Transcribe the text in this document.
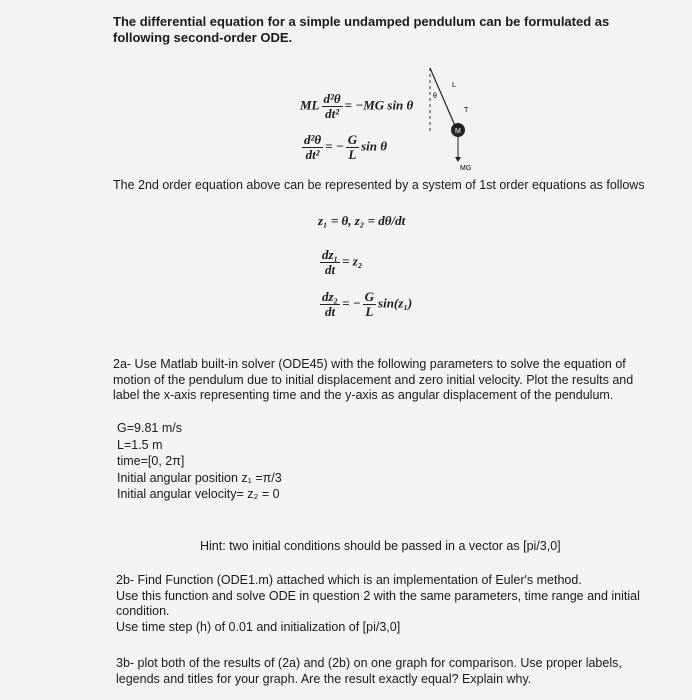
The differential equation for a simple undamped pendulum can be formulated as following second-order ODE.
ML $\frac{\text{d²θ}}{\text{dt²}} = -MG$ sin θ
$\frac{\text{d²θ}}{\text{dt²}}$ = − $\frac{G}{L}$ sin θ
M
L
θ
T
MG
The 2nd order equation above can be represented by a system of 1st order equations as follows
z₁ = θ, z₂ = dθ/dt
$\frac{\text{dz₁}}{dt} = z_2$
$\frac{\text{dz₂}}{dt}$ = − $\frac{G}{L} \sin(z_1)$
2a- Use Matlab built-in solver (ODE45) with the following parameters to solve the equation of motion of the pendulum due to initial displacement and zero initial velocity. Plot the results and label the x-axis representing time and the y-axis as angular displacement of the pendulum.
G=9.81 m/s
L=1.5 m
time=[0, 2π]
Initial angular position z₁ =π/3
Initial angular velocity= z₂ = 0
Hint: two initial conditions should be passed in a vector as [pi/3,0]
2b- Find Function (ODE1.m) attached which is an implementation of Euler's method.
Use this function and solve ODE in question 2 with the same parameters, time range and initial condition.
Use time step (h) of 0.01 and initialization of [pi/3,0]
3b- plot both of the results of (2a) and (2b) on one graph for comparison. Use proper labels, legends and titles for your graph. Are the result exactly equal? Explain why.
